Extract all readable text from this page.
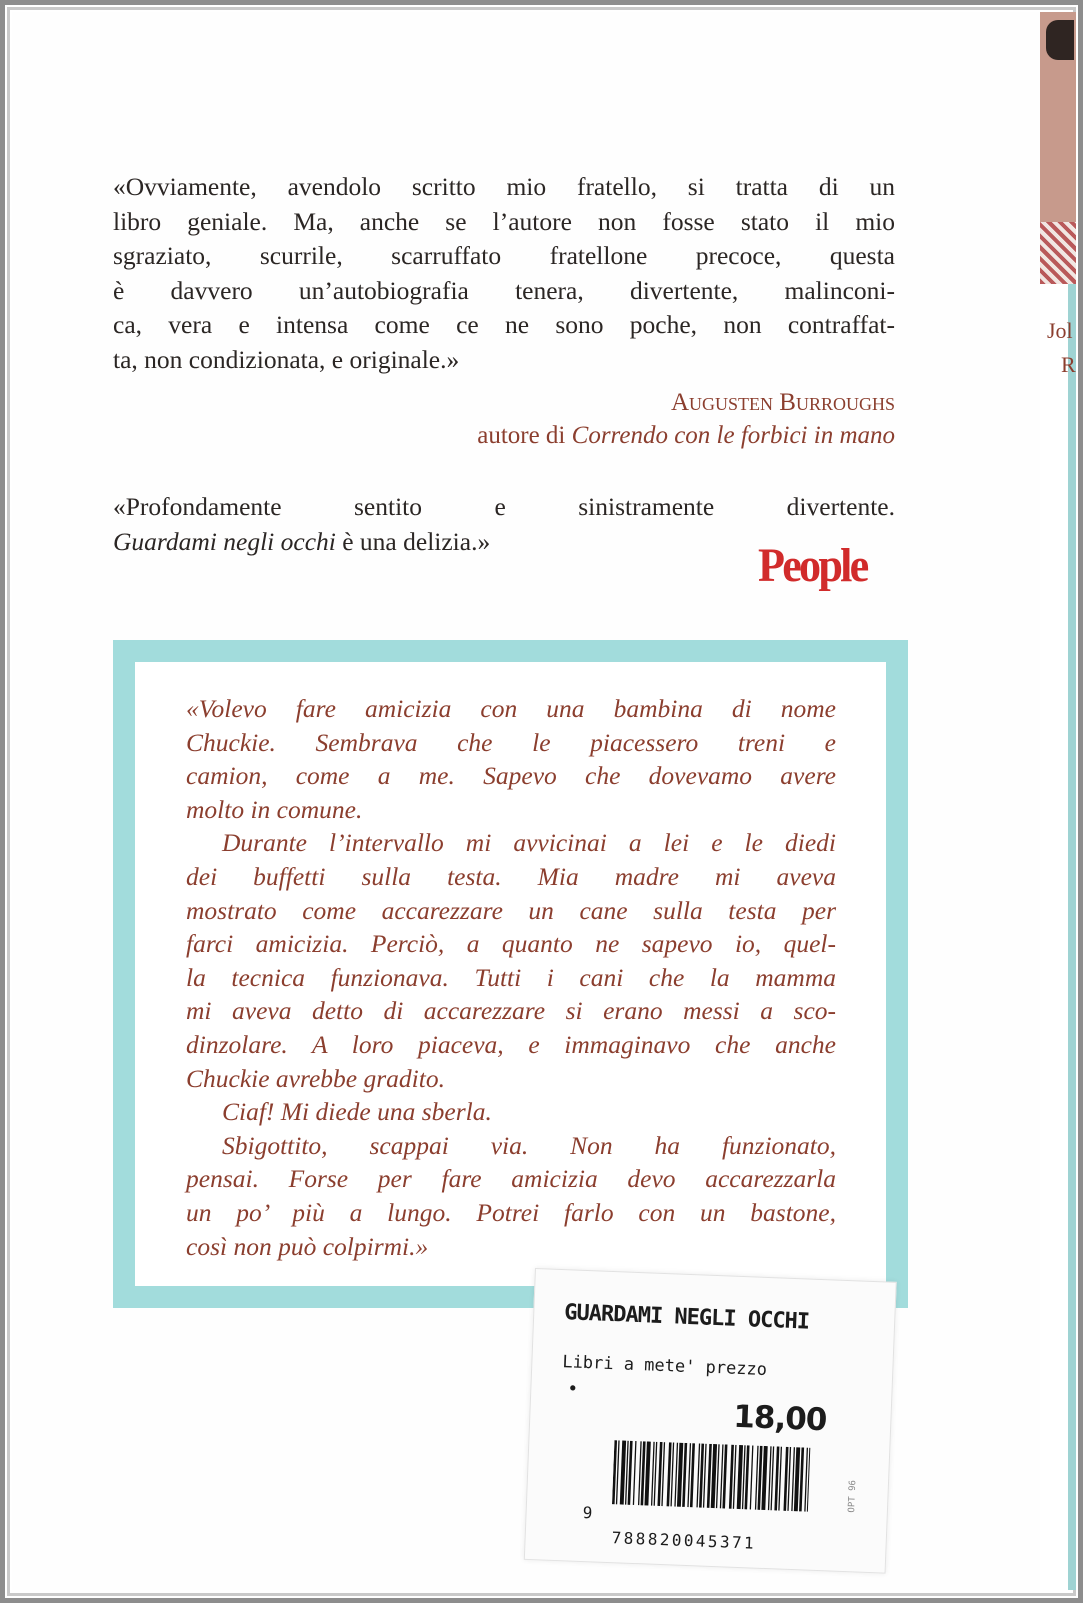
Jol
R
«Ovviamente, avendolo scritto mio fratello, si tratta di un
libro geniale. Ma, anche se l’autore non fosse stato il mio
sgraziato, scurrile, scarruffato fratellone precoce, questa
è davvero un’autobiografia tenera, divertente, malinconi-
ca, vera e intensa come ce ne sono poche, non contraffat-
ta, non condizionata, e originale.»
Augusten Burroughs
autore di Correndo con le forbici in mano
«Profondamente sentito e sinistramente divertente.
Guardami negli occhi è una delizia.»	People
«Volevo fare amicizia con una bambina di nome
Chuckie. Sembrava che le piacessero treni e
camion, come a me. Sapevo che dovevamo avere
molto in comune.
Durante l’intervallo mi avvicinai a lei e le diedi
dei buffetti sulla testa. Mia madre mi aveva
mostrato come accarezzare un cane sulla testa per
farci amicizia. Perciò, a quanto ne sapevo io, quel-
la tecnica funzionava. Tutti i cani che la mamma
mi aveva detto di accarezzare si erano messi a sco-
dinzolare. A loro piaceva, e immaginavo che anche
Chuckie avrebbe gradito.
Ciaf! Mi diede una sberla.
Sbigottito, scappai via. Non ha funzionato,
pensai. Forse per fare amicizia devo accarezzarla
un po’ più a lungo. Potrei farlo con un bastone,
così non può colpirmi.»
GUARDAMI NEGLI OCCHI
Libri a mete' prezzo
•
18,00
9
788820045371
OPT 96
